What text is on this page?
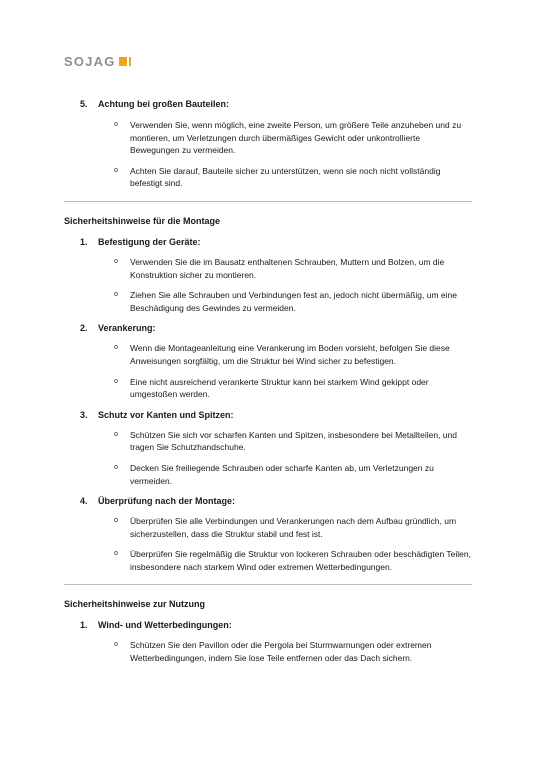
SOJAG
5.	Achtung bei großen Bauteilen:
o	Verwenden Sie, wenn möglich, eine zweite Person, um größere Teile anzuheben und zu montieren, um Verletzungen durch übermäßiges Gewicht oder unkontrollierte Bewegungen zu vermeiden.
o	Achten Sie darauf, Bauteile sicher zu unterstützen, wenn sie noch nicht vollständig befestigt sind.
Sicherheitshinweise für die Montage
1.	Befestigung der Geräte:
o	Verwenden Sie die im Bausatz enthaltenen Schrauben, Muttern und Bolzen, um die Konstruktion sicher zu montieren.
o	Ziehen Sie alle Schrauben und Verbindungen fest an, jedoch nicht übermäßig, um eine Beschädigung des Gewindes zu vermeiden.
2.	Verankerung:
o	Wenn die Montageanleitung eine Verankerung im Boden vorsieht, befolgen Sie diese Anweisungen sorgfältig, um die Struktur bei Wind sicher zu befestigen.
o	Eine nicht ausreichend verankerte Struktur kann bei starkem Wind gekippt oder umgestoßen werden.
3.	Schutz vor Kanten und Spitzen:
o	Schützen Sie sich vor scharfen Kanten und Spitzen, insbesondere bei Metallteilen, und tragen Sie Schutzhandschuhe.
o	Decken Sie freiliegende Schrauben oder scharfe Kanten ab, um Verletzungen zu vermeiden.
4.	Überprüfung nach der Montage:
o	Überprüfen Sie alle Verbindungen und Verankerungen nach dem Aufbau gründlich, um sicherzustellen, dass die Struktur stabil und fest ist.
o	Überprüfen Sie regelmäßig die Struktur von lockeren Schrauben oder beschädigten Teilen, insbesondere nach starkem Wind oder extremen Wetterbedingungen.
Sicherheitshinweise zur Nutzung
1.	Wind- und Wetterbedingungen:
o	Schützen Sie den Pavillon oder die Pergola bei Sturmwarnungen oder extremen Wetterbedingungen, indem Sie lose Teile entfernen oder das Dach sichern.
